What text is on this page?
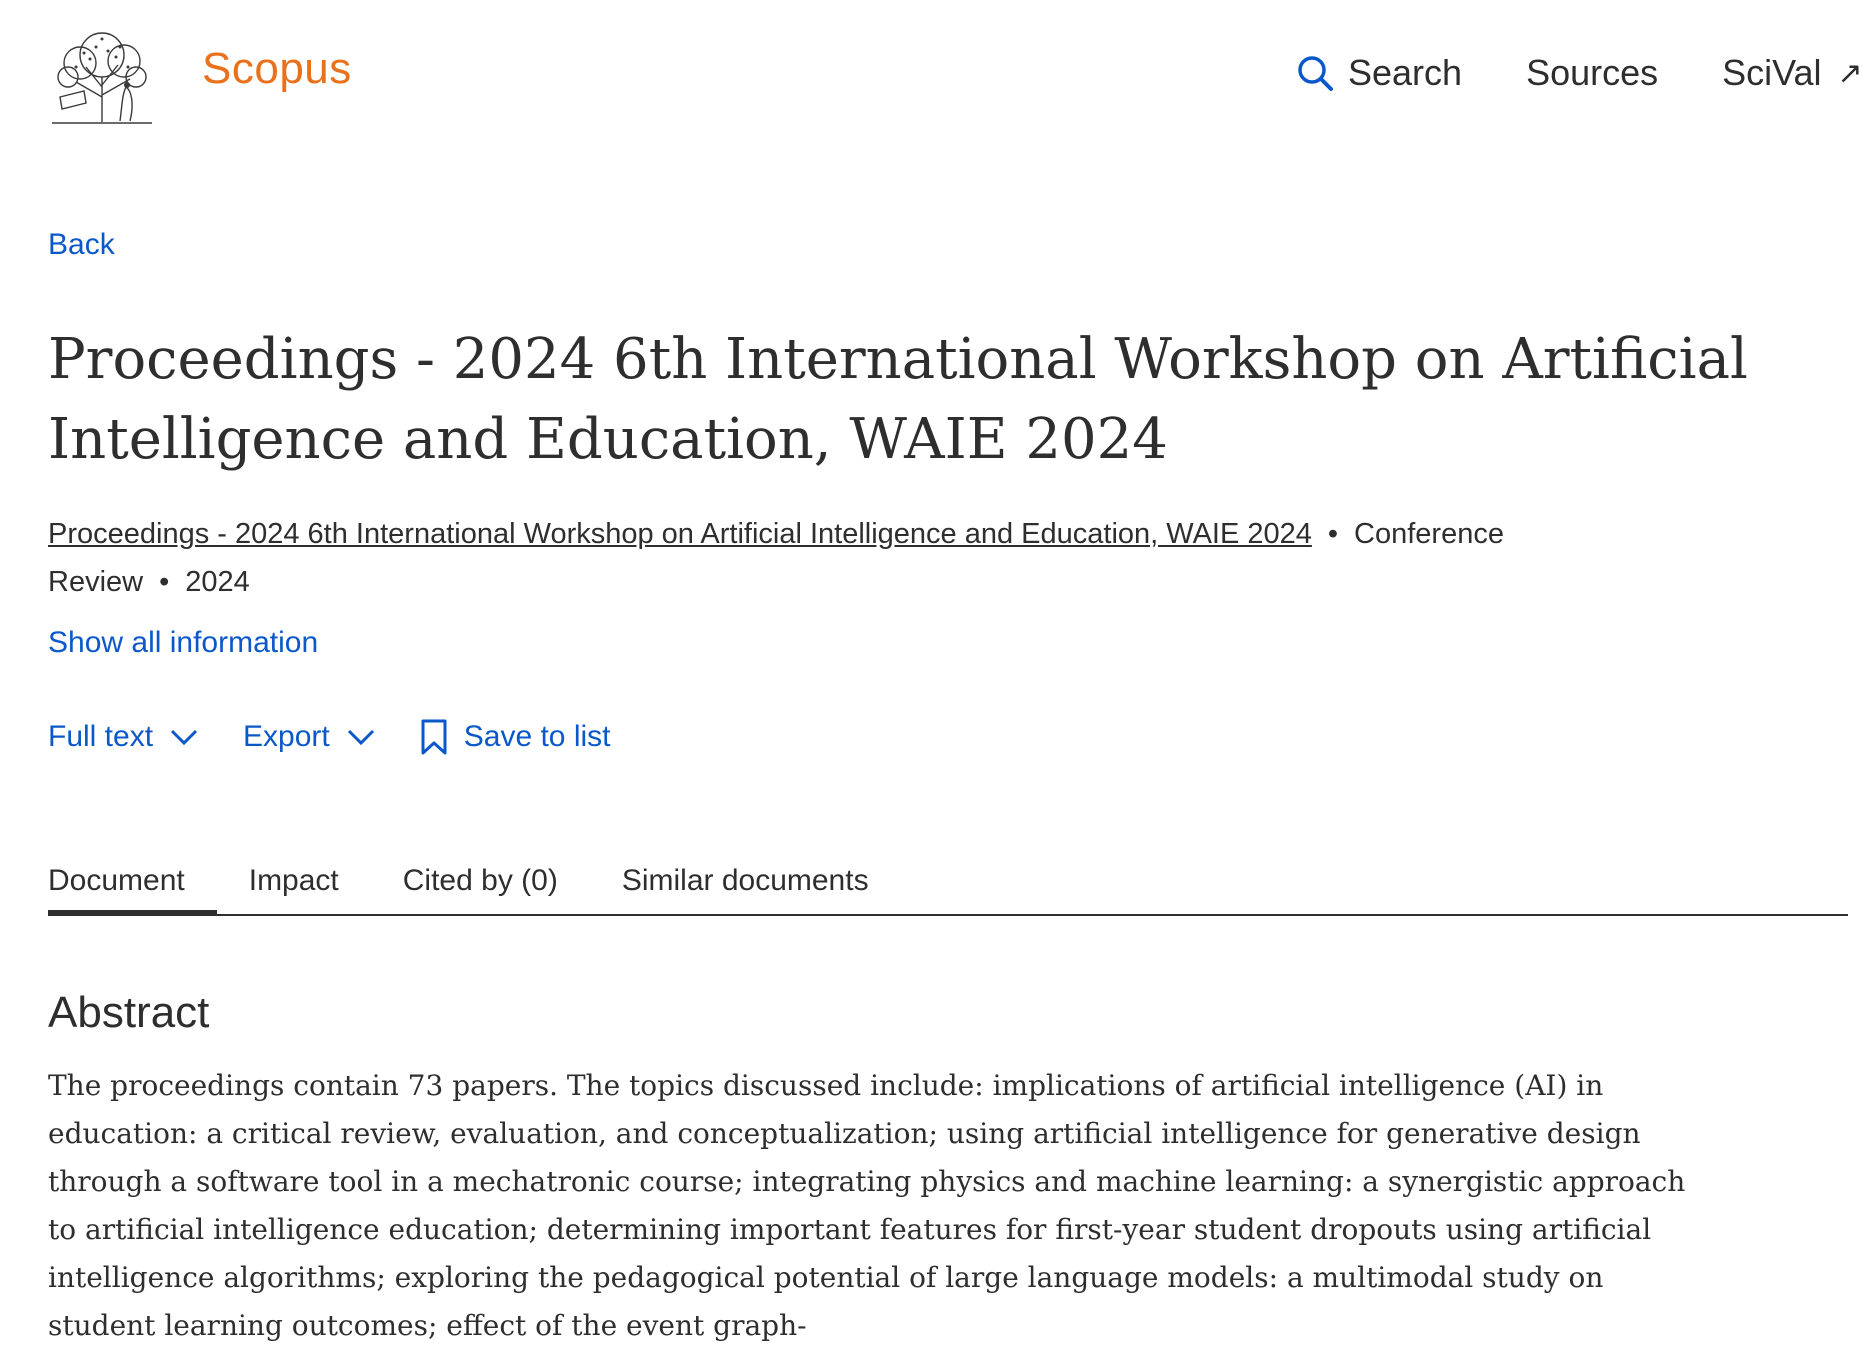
Scopus	Search Sources SciVal ↗
Back
Proceedings - 2024 6th International Workshop on Artificial Intelligence and Education, WAIE 2024
Proceedings - 2024 6th International Workshop on Artificial Intelligence and Education, WAIE 2024 • Conference Review • 2024
Show all information
Full text	Export	Save to list
Document Impact Cited by (0) Similar documents
Abstract
The proceedings contain 73 papers. The topics discussed include: implications of artificial intelligence (AI) in education: a critical review, evaluation, and conceptualization; using artificial intelligence for generative design through a software tool in a mechatronic course; integrating physics and machine learning: a synergistic approach to artificial intelligence education; determining important features for first-year student dropouts using artificial intelligence algorithms; exploring the pedagogical potential of large language models: a multimodal study on student learning outcomes; effect of the event graph-
